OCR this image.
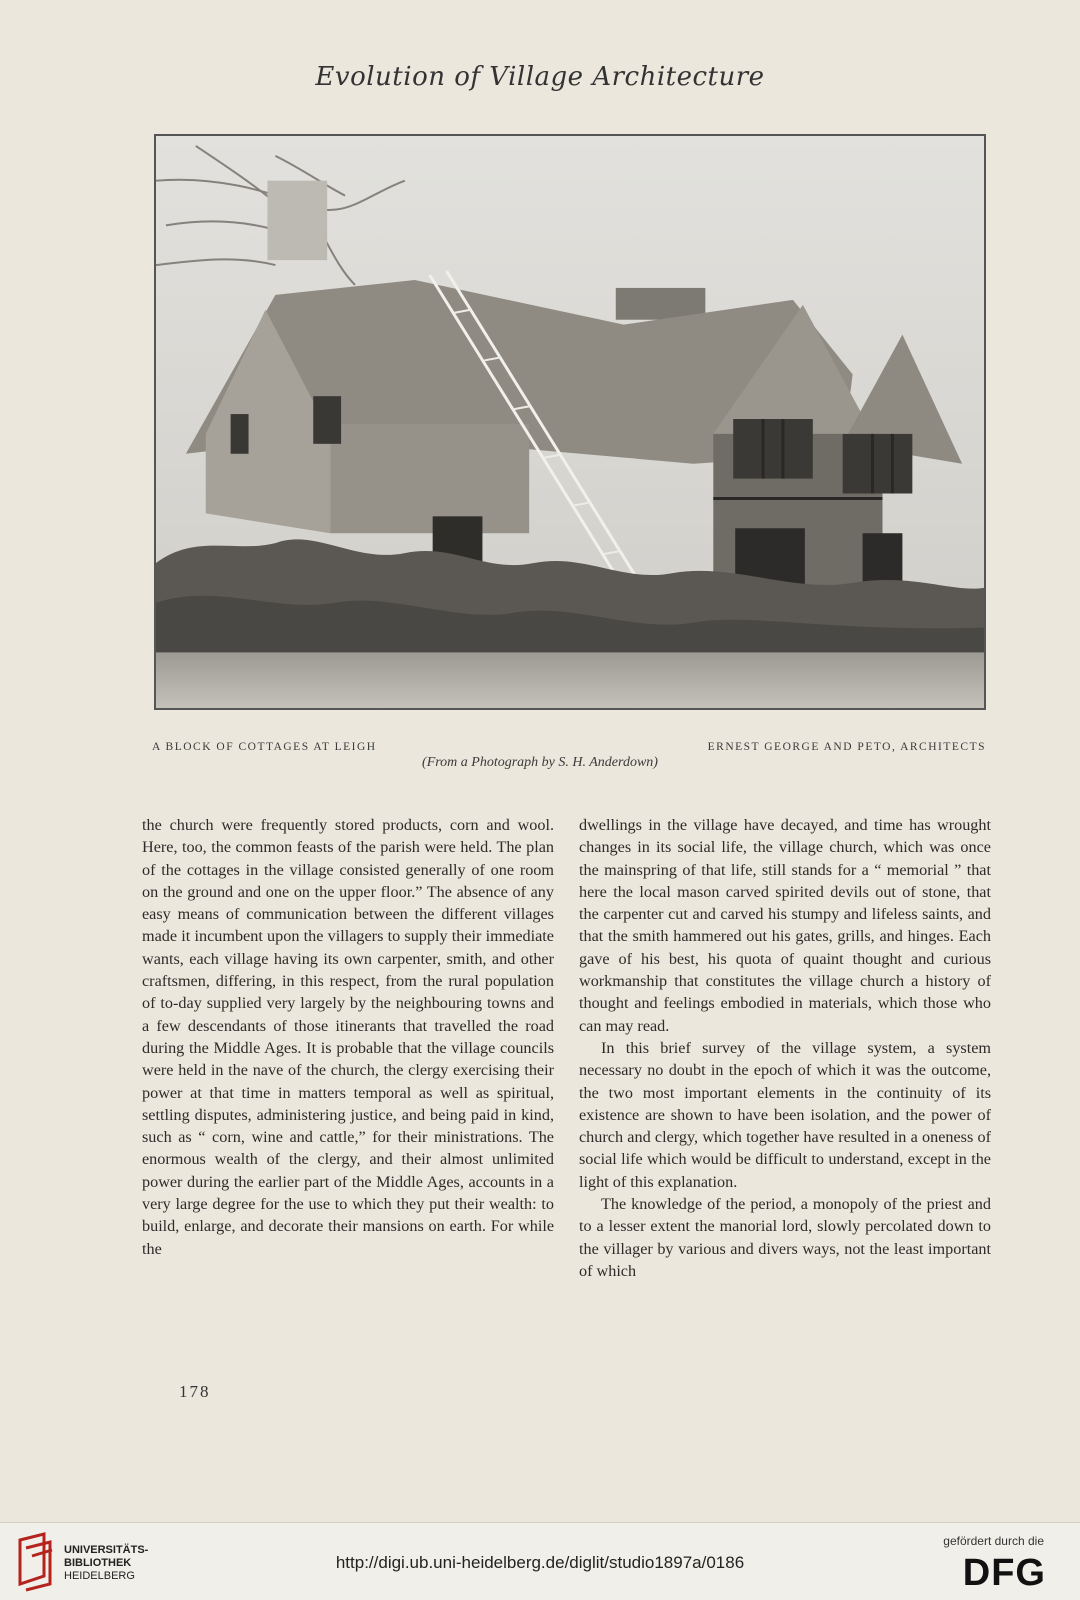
Evolution of Village Architecture
A BLOCK OF COTTAGES AT LEIGH	ERNEST GEORGE AND PETO, ARCHITECTS
(From a Photograph by S. H. Anderdown)

the church were frequently stored products, corn and wool. Here, too, the common feasts of the parish were held. The plan of the cottages in the village consisted generally of one room on the ground and one on the upper floor.” The absence of any easy means of communication between the different villages made it incumbent upon the villagers to supply their immediate wants, each village having its own carpenter, smith, and other craftsmen, differing, in this respect, from the rural population of to-day supplied very largely by the neighbouring towns and a few descendants of those itinerants that travelled the road during the Middle Ages. It is probable that the village councils were held in the nave of the church, the clergy exercising their power at that time in matters temporal as well as spiritual, settling disputes, administering justice, and being paid in kind, such as “ corn, wine and cattle,” for their ministrations. The enormous wealth of the clergy, and their almost unlimited power during the earlier part of the Middle Ages, accounts in a very large degree for the use to which they put their wealth: to build, enlarge, and decorate their mansions on earth. For while the

dwellings in the village have decayed, and time has wrought changes in its social life, the village church, which was once the mainspring of that life, still stands for a “ memorial ” that here the local mason carved spirited devils out of stone, that the carpenter cut and carved his stumpy and lifeless saints, and that the smith hammered out his gates, grills, and hinges. Each gave of his best, his quota of quaint thought and curious workmanship that constitutes the village church a history of thought and feelings embodied in materials, which those who can may read.

In this brief survey of the village system, a system necessary no doubt in the epoch of which it was the outcome, the two most important elements in the continuity of its existence are shown to have been isolation, and the power of church and clergy, which together have resulted in a oneness of social life which would be difficult to understand, except in the light of this explanation.

The knowledge of the period, a monopoly of the priest and to a lesser extent the manorial lord, slowly percolated down to the villager by various and divers ways, not the least important of which

178
UNIVERSITÄTS-
BIBLIOTHEK
HEIDELBERG
http://digi.ub.uni-heidelberg.de/diglit/studio1897a/0186
gefördert durch die
DFG
